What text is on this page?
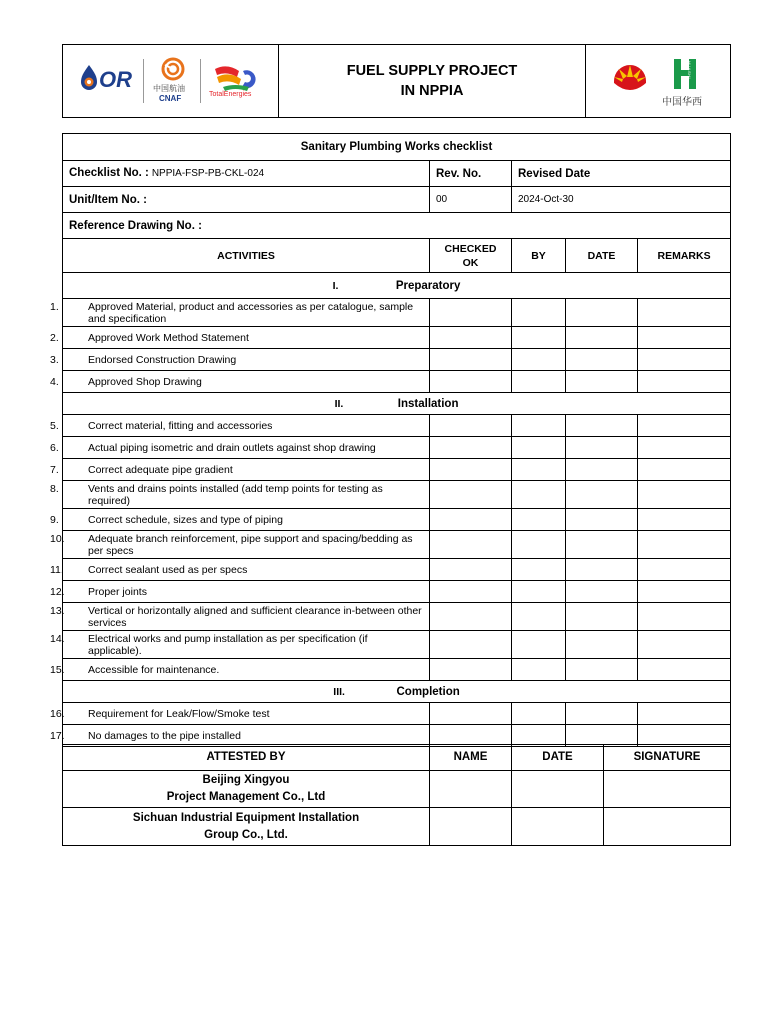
OR	中国航油
CNAF	TotalEnergies

FUEL SUPPLY PROJECT
IN NPPIA

HUASHI
中国华西
Sanitary Plumbing Works checklist				
Checklist No. : NPPIA-FSP-PB-CKL-024	Rev. No.	Revised Date		
Unit/Item No. :	00	2024-Oct-30		
Reference Drawing No. :				
ACTIVITIES	CHECKED OK	BY	DATE	REMARKS
I. Preparatory				

1. Approved Material, product and accessories as per catalogue, sample and specification				

2. Approved Work Method Statement				

3. Endorsed Construction Drawing				

4. Approved Shop Drawing				

II. Installation				

5. Correct material, fitting and accessories				

6. Actual piping isometric and drain outlets against shop drawing				

7. Correct adequate pipe gradient				

8. Vents and drains points installed (add temp points for testing as required)				

9. Correct schedule, sizes and type of piping				

10. Adequate branch reinforcement, pipe support and spacing/bedding as per specs				

11. Correct sealant used as per specs				

12. Proper joints				

13. Vertical or horizontally aligned and sufficient clearance in-between other services				

14. Electrical works and pump installation as per specification (if applicable).				

15. Accessible for maintenance.				

III. Completion				

16. Requirement for Leak/Flow/Smoke test				

17. No damages to the pipe installed				

ATTESTED BY	NAME	DATE	SIGNATURE

Beijing Xingyou
Project Management Co., Ltd			

Sichuan Industrial Equipment Installation
Group Co., Ltd.			
